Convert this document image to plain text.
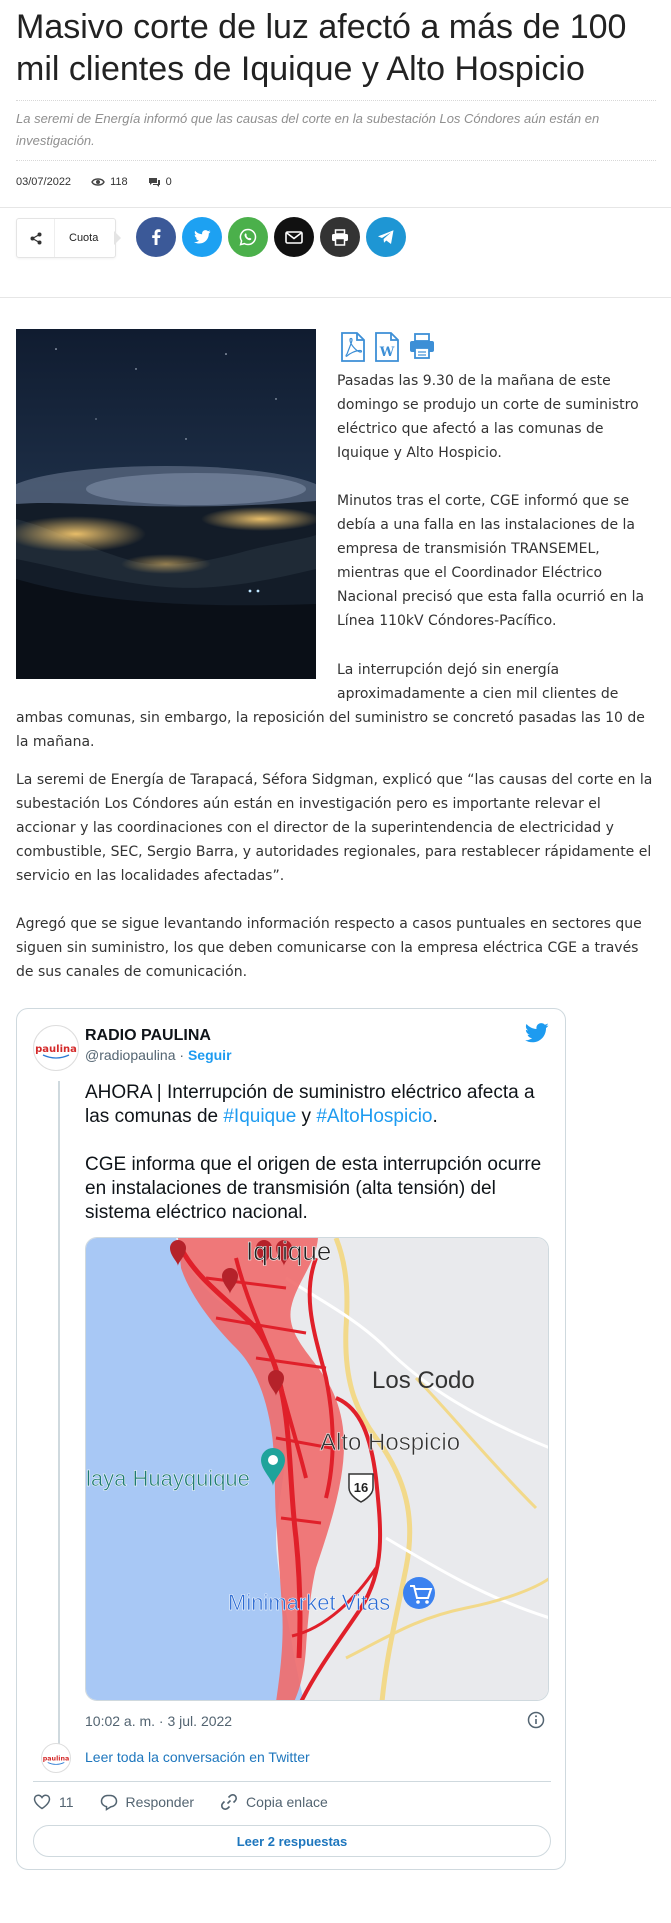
Masivo corte de luz afectó a más de 100 mil clientes de Iquique y Alto Hospicio

La seremi de Energía informó que las causas del corte en la subestación Los Cóndores aún están en investigación.

03/07/2022	118	0
Cuota
W

Pasadas las 9.30 de la mañana de este domingo se produjo un corte de suministro eléctrico que afectó a las comunas de Iquique y Alto Hospicio.

Minutos tras el corte, CGE informó que se debía a una falla en las instalaciones de la empresa de transmisión TRANSEMEL, mientras que el Coordinador Eléctrico Nacional precisó que esta falla ocurrió en la Línea 110kV Cóndores-Pacífico.

La interrupción dejó sin energía

aproximadamente a cien mil clientes de

ambas comunas, sin embargo, la reposición del suministro se concretó pasadas las 10 de la mañana.

La seremi de Energía de Tarapacá, Séfora Sidgman, explicó que “las causas del corte en la subestación Los Cóndores aún están en investigación pero es importante relevar el accionar y las coordinaciones con el director de la superintendencia de electricidad y combustible, SEC, Sergio Barra, y autoridades regionales, para restablecer rápidamente el servicio en las localidades afectadas”.

Agregó que se sigue levantando información respecto a casos puntuales en sectores que siguen sin suministro, los que deben comunicarse con la empresa eléctrica CGE a través de sus canales de comunicación.

paulina
RADIO PAULINA
@radiopaulina · Seguir

AHORA | Interrupción de suministro eléctrico afecta a las comunas de #Iquique y #AltoHospicio.

CGE informa que el origen de esta interrupción ocurre en instalaciones de transmisión (alta tensión) del sistema eléctrico nacional.

Iquique
Los Codo
Alto Hospicio
laya Huayquique	16
Minimarket Vitas
10:02 a. m. · 3 jul. 2022
paulina Leer toda la conversación en Twitter
11	Responder	Copia enlace
Leer 2 respuestas
